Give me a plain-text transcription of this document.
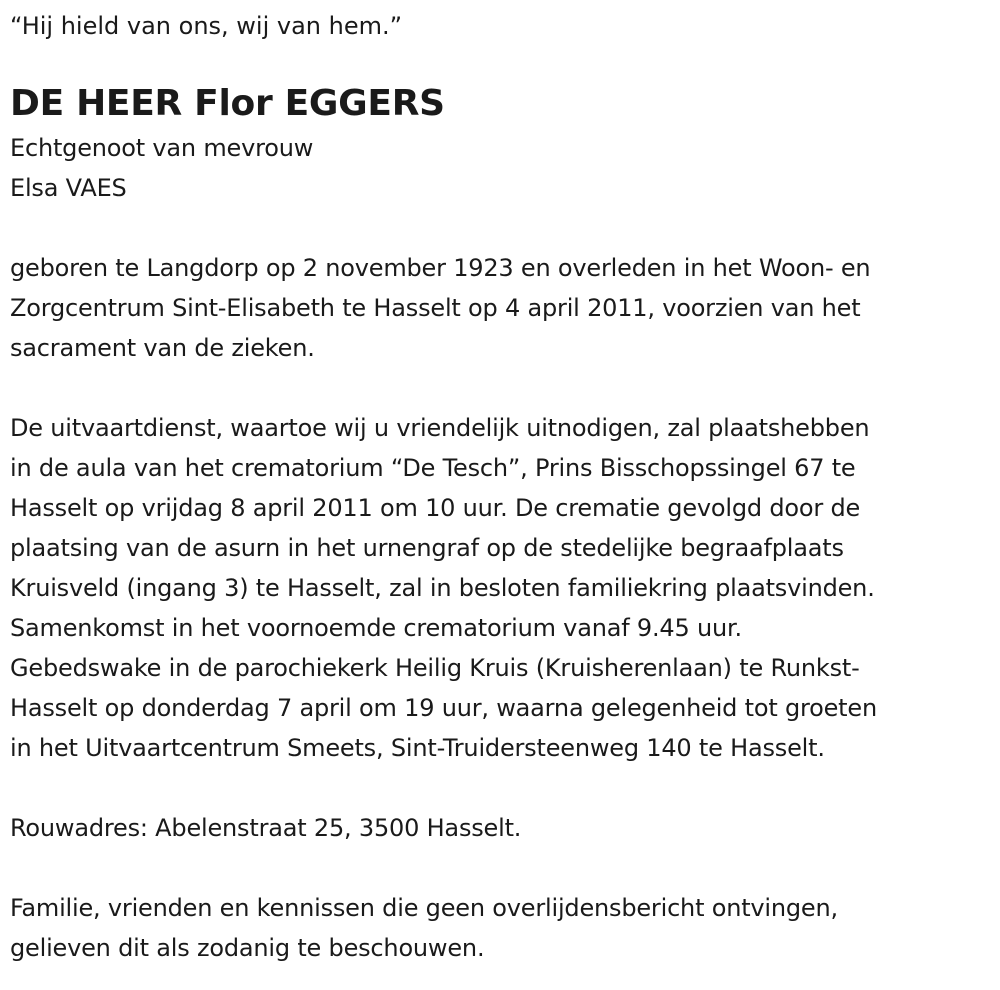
“Hij hield van ons, wij van hem.”
DE HEER Flor EGGERS
Echtgenoot van mevrouw
Elsa VAES
geboren te Langdorp op 2 november 1923 en overleden in het Woon- en
Zorgcentrum Sint-Elisabeth te Hasselt op 4 april 2011, voorzien van het
sacrament van de zieken.
De uitvaartdienst, waartoe wij u vriendelijk uitnodigen, zal plaatshebben
in de aula van het crematorium “De Tesch”, Prins Bisschopssingel 67 te
Hasselt op vrijdag 8 april 2011 om 10 uur. De crematie gevolgd door de
plaatsing van de asurn in het urnengraf op de stedelijke begraafplaats
Kruisveld (ingang 3) te Hasselt, zal in besloten familiekring plaatsvinden.
Samenkomst in het voornoemde crematorium vanaf 9.45 uur.
Gebedswake in de parochiekerk Heilig Kruis (Kruisherenlaan) te Runkst-
Hasselt op donderdag 7 april om 19 uur, waarna gelegenheid tot groeten
in het Uitvaartcentrum Smeets, Sint-Truidersteenweg 140 te Hasselt.
Rouwadres: Abelenstraat 25, 3500 Hasselt.
Familie, vrienden en kennissen die geen overlijdensbericht ontvingen,
gelieven dit als zodanig te beschouwen.
